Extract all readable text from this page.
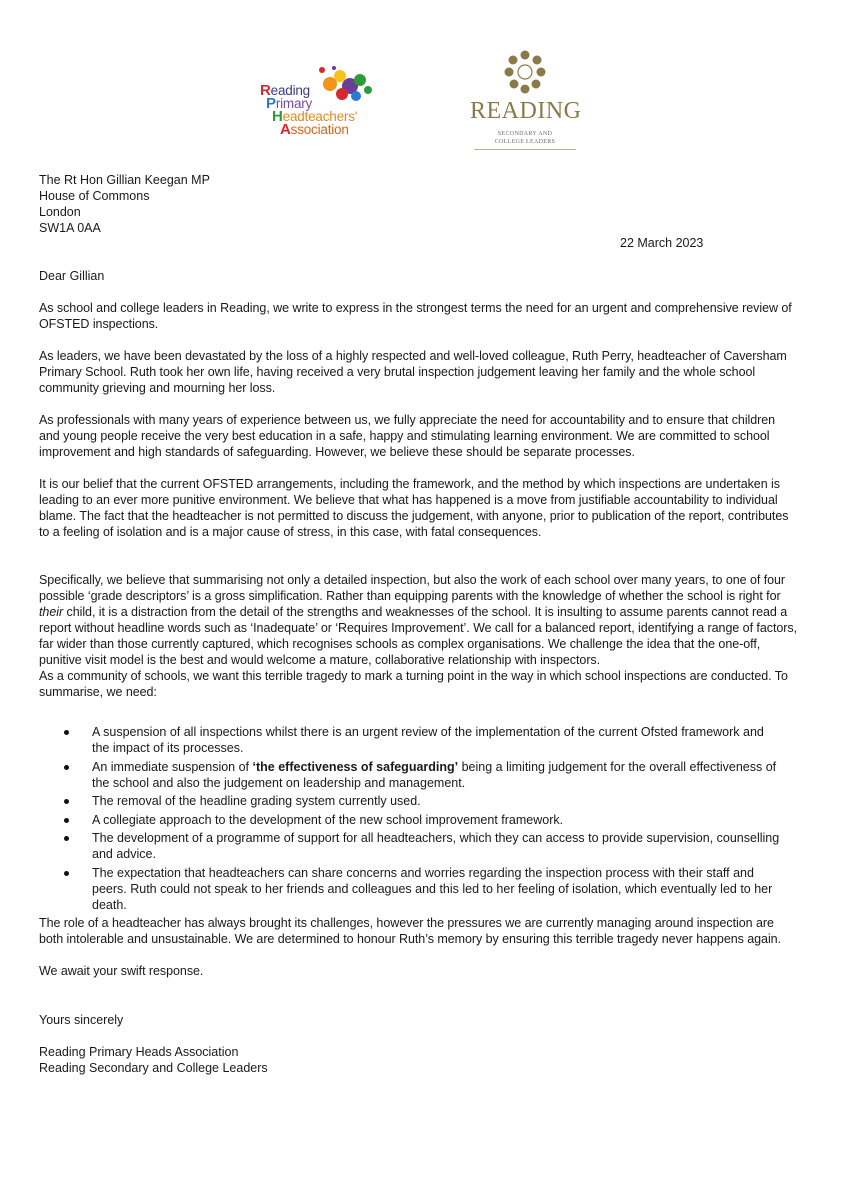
Reading
Primary
Headteachers'
Association
READING
SECONDARY AND
COLLEGE LEADERS
The Rt Hon Gillian Keegan MP
House of Commons
London
SW1A 0AA
22 March 2023

Dear Gillian

As school and college leaders in Reading, we write to express in the strongest terms the need for an urgent and comprehensive review of OFSTED inspections.

As leaders, we have been devastated by the loss of a highly respected and well-loved colleague, Ruth Perry, headteacher of Caversham Primary School. Ruth took her own life, having received a very brutal inspection judgement leaving her family and the whole school community grieving and mourning her loss.

As professionals with many years of experience between us, we fully appreciate the need for accountability and to ensure that children and young people receive the very best education in a safe, happy and stimulating learning environment. We are committed to school improvement and high standards of safeguarding. However, we believe these should be separate processes.

It is our belief that the current OFSTED arrangements, including the framework, and the method by which inspections are undertaken is leading to an ever more punitive environment. We believe that what has happened is a move from justifiable accountability to individual blame. The fact that the headteacher is not permitted to discuss the judgement, with anyone, prior to publication of the report, contributes to a feeling of isolation and is a major cause of stress, in this case, with fatal consequences.

Specifically, we believe that summarising not only a detailed inspection, but also the work of each school over many years, to one of four possible ‘grade descriptors’ is a gross simplification. Rather than equipping parents with the knowledge of whether the school is right for their child, it is a distraction from the detail of the strengths and weaknesses of the school. It is insulting to assume parents cannot read a report without headline words such as ‘Inadequate’ or ‘Requires Improvement’. We call for a balanced report, identifying a range of factors, far wider than those currently captured, which recognises schools as complex organisations. We challenge the idea that the one-off, punitive visit model is the best and would welcome a mature, collaborative relationship with inspectors.

As a community of schools, we want this terrible tragedy to mark a turning point in the way in which school inspections are conducted. To summarise, we need:

A suspension of all inspections whilst there is an urgent review of the implementation of the current Ofsted framework and the impact of its processes.
An immediate suspension of ‘the effectiveness of safeguarding’ being a limiting judgement for the overall effectiveness of the school and also the judgement on leadership and management.
The removal of the headline grading system currently used.
A collegiate approach to the development of the new school improvement framework.
The development of a programme of support for all headteachers, which they can access to provide supervision, counselling and advice.
The expectation that headteachers can share concerns and worries regarding the inspection process with their staff and peers. Ruth could not speak to her friends and colleagues and this led to her feeling of isolation, which eventually led to her death.

The role of a headteacher has always brought its challenges, however the pressures we are currently managing around inspection are both intolerable and unsustainable. We are determined to honour Ruth’s memory by ensuring this terrible tragedy never happens again.

We await your swift response.

Yours sincerely
Reading Primary Heads Association
Reading Secondary and College Leaders
